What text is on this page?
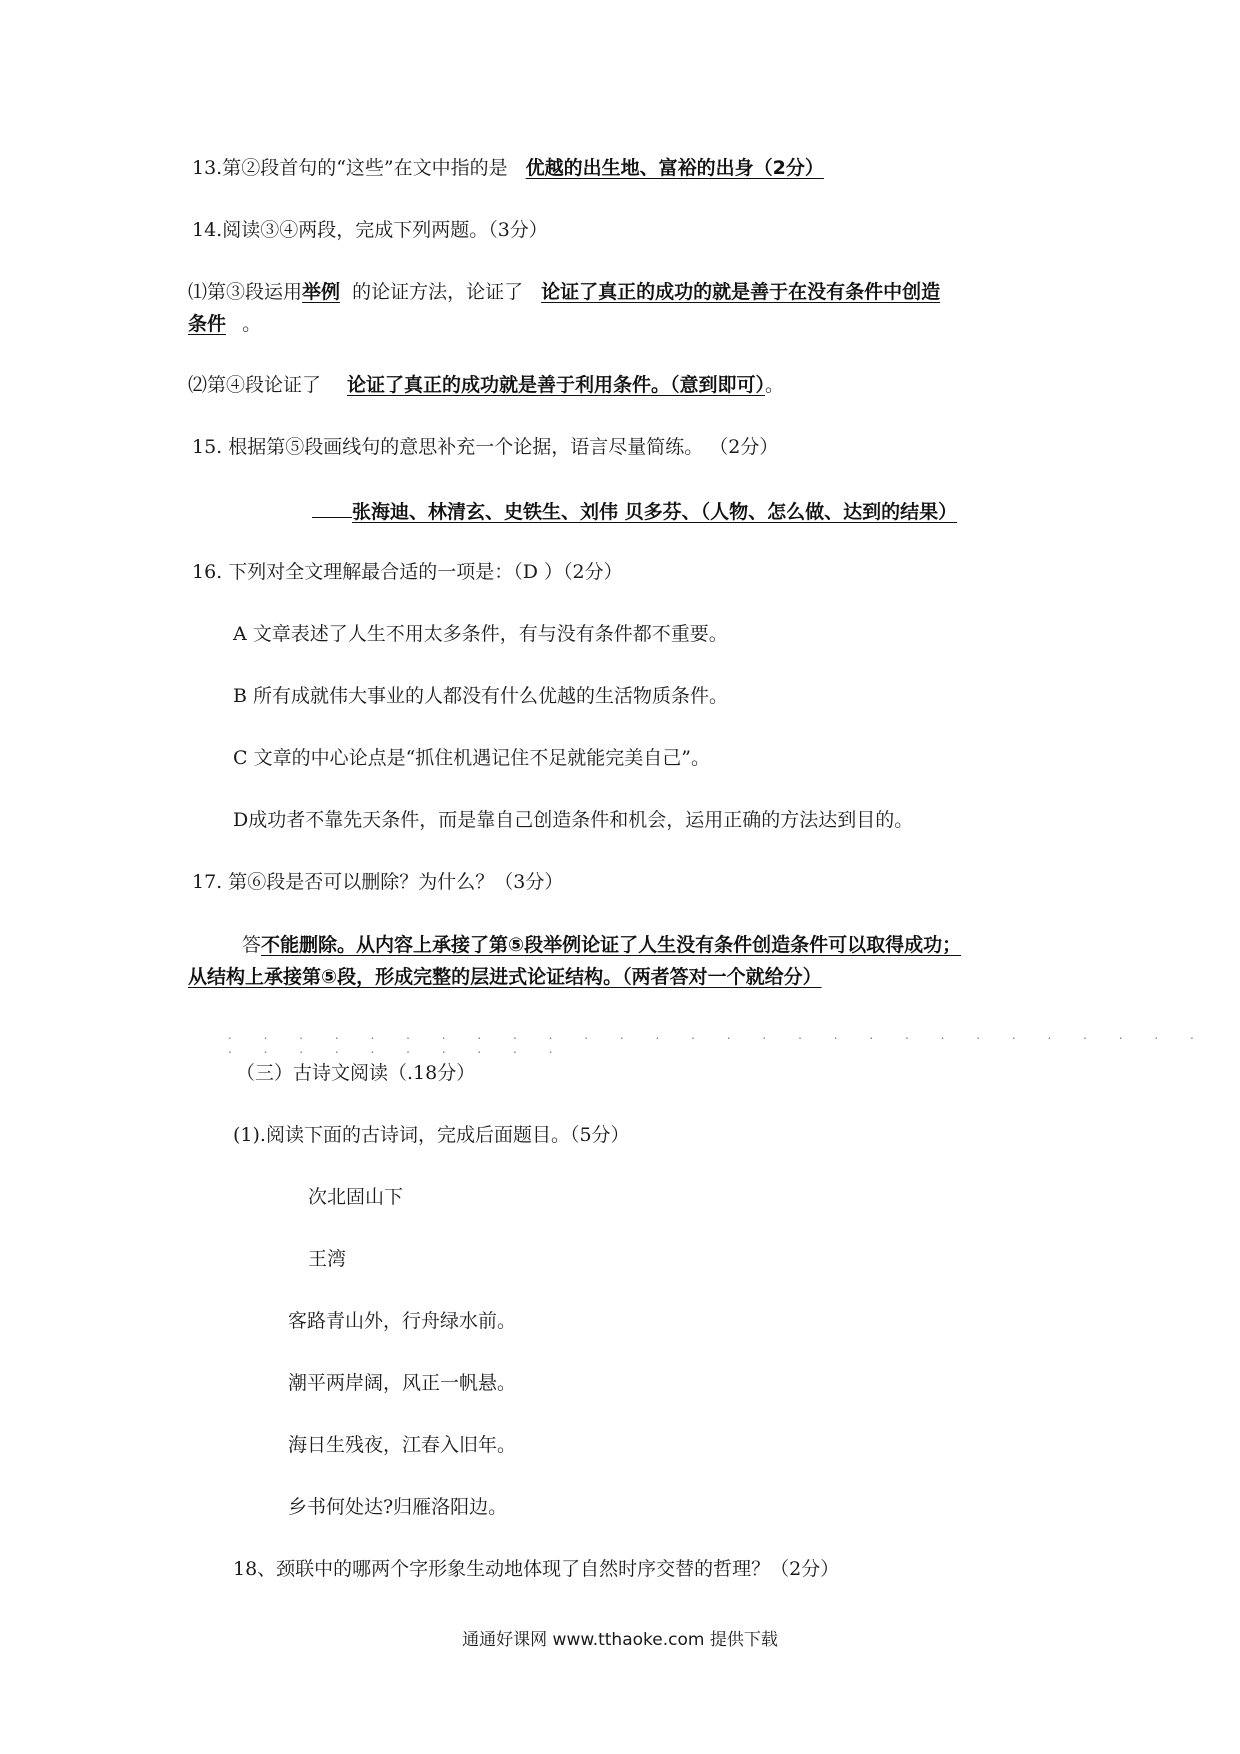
13.第②段首句的“这些”在文中指的是 优越的出生地、富裕的出身（2分）
14.阅读③④两段，完成下列两题。（3分）
⑴第③段运用举例 的论证方法，论证了 论证了真正的成功的就是善于在没有条件中创造
条件 。
⑵第④段论证了 论证了真正的成功就是善于利用条件。（意到即可）。
15. 根据第⑤段画线句的意思补充一个论据，语言尽量简练。 （2分）
张海迪、林清玄、史铁生、刘伟 贝多芬、（人物、怎么做、达到的结果）
16. 下列对全文理解最合适的一项是：（D ）（2分）
A 文章表述了人生不用太多条件，有与没有条件都不重要。
B 所有成就伟大事业的人都没有什么优越的生活物质条件。
C 文章的中心论点是“抓住机遇记住不足就能完美自己”。
D成功者不靠先天条件，而是靠自己创造条件和机会，运用正确的方法达到目的。
17. 第⑥段是否可以删除？为什么？（3分）
答不能删除。从内容上承接了第⑤段举例论证了人生没有条件创造条件可以取得成功；
从结构上承接第⑤段，形成完整的层进式论证结构。（两者答对一个就给分）
. . . . . . . . . . . . . . . . . . . . . . . . . . . . . . . . . . . . . .
（三）古诗文阅读（.18分）
(1).阅读下面的古诗词，完成后面题目。（5分）
次北固山下
王湾
客路青山外，行舟绿水前。
潮平两岸阔，风正一帆悬。
海日生残夜，江春入旧年。
乡书何处达?归雁洛阳边。
18、颈联中的哪两个字形象生动地体现了自然时序交替的哲理？（2分）
通通好课网 www.tthaoke.com 提供下载
